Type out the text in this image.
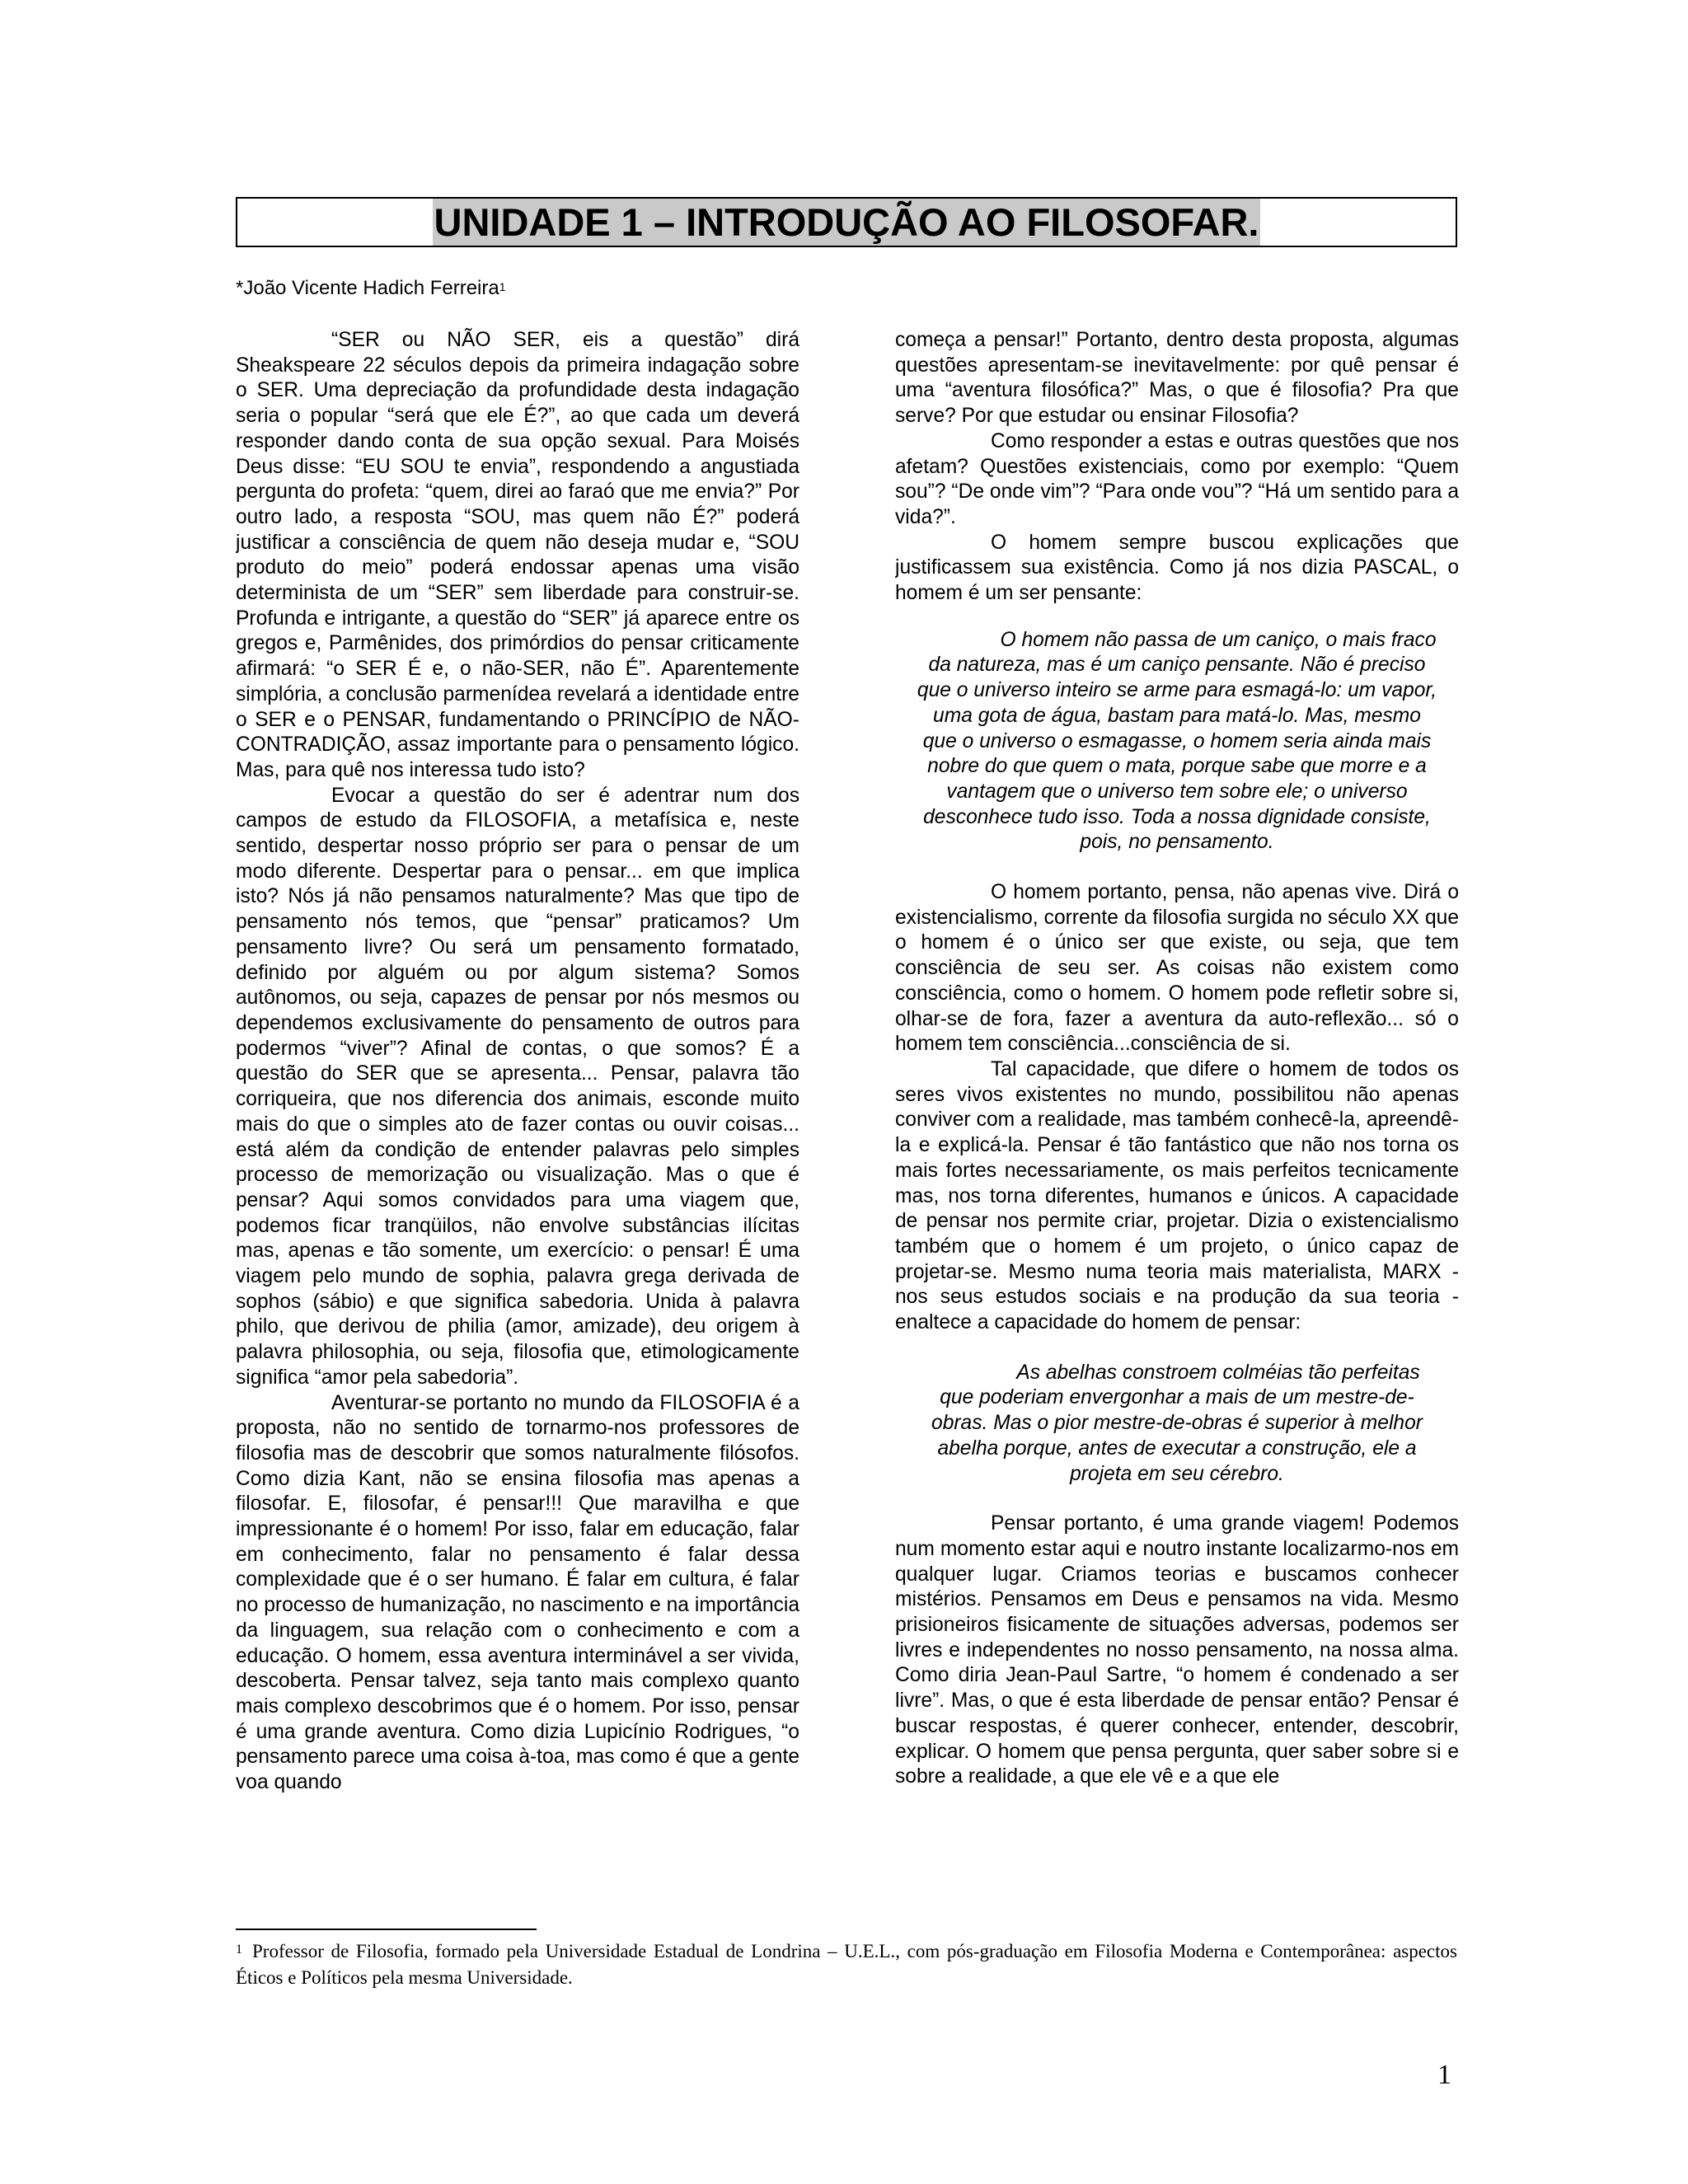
UNIDADE 1 – INTRODUÇÃO AO FILOSOFAR.
*João Vicente Hadich Ferreira$^1$

“SER ou NÃO SER, eis a questão” dirá Sheakspeare 22 séculos depois da primeira indagação sobre o SER. Uma depreciação da profundidade desta indagação seria o popular “será que ele É?”, ao que cada um deverá responder dando conta de sua opção sexual. Para Moisés Deus disse: “EU SOU te envia”, respondendo a angustiada pergunta do profeta: “quem, direi ao faraó que me envia?” Por outro lado, a resposta “SOU, mas quem não É?” poderá justificar a consciência de quem não deseja mudar e, “SOU produto do meio” poderá endossar apenas uma visão determinista de um “SER” sem liberdade para construir-se. Profunda e intrigante, a questão do “SER” já aparece entre os gregos e, Parmênides, dos primórdios do pensar criticamente afirmará: “o SER É e, o não-SER, não É”. Aparentemente simplória, a conclusão parmenídea revelará a identidade entre o SER e o PENSAR, fundamentando o PRINCÍPIO de NÃO-CONTRADIÇÃO, assaz importante para o pensamento lógico. Mas, para quê nos interessa tudo isto?

Evocar a questão do ser é adentrar num dos campos de estudo da FILOSOFIA, a metafísica e, neste sentido, despertar nosso próprio ser para o pensar de um modo diferente. Despertar para o pensar... em que implica isto? Nós já não pensamos naturalmente? Mas que tipo de pensamento nós temos, que “pensar” praticamos? Um pensamento livre? Ou será um pensamento formatado, definido por alguém ou por algum sistema? Somos autônomos, ou seja, capazes de pensar por nós mesmos ou dependemos exclusivamente do pensamento de outros para podermos “viver”? Afinal de contas, o que somos? É a questão do SER que se apresenta... Pensar, palavra tão corriqueira, que nos diferencia dos animais, esconde muito mais do que o simples ato de fazer contas ou ouvir coisas... está além da condição de entender palavras pelo simples processo de memorização ou visualização. Mas o que é pensar? Aqui somos convidados para uma viagem que, podemos ficar tranqüilos, não envolve substâncias ilícitas mas, apenas e tão somente, um exercício: o pensar! É uma viagem pelo mundo de sophia, palavra grega derivada de sophos (sábio) e que significa sabedoria. Unida à palavra philo, que derivou de philia (amor, amizade), deu origem à palavra philosophia, ou seja, filosofia que, etimologicamente significa “amor pela sabedoria”.

Aventurar-se portanto no mundo da FILOSOFIA é a proposta, não no sentido de tornarmo-nos professores de filosofia mas de descobrir que somos naturalmente filósofos. Como dizia Kant, não se ensina filosofia mas apenas a filosofar. E, filosofar, é pensar!!! Que maravilha e que impressionante é o homem! Por isso, falar em educação, falar em conhecimento, falar no pensamento é falar dessa complexidade que é o ser humano. É falar em cultura, é falar no processo de humanização, no nascimento e na importância da linguagem, sua relação com o conhecimento e com a educação. O homem, essa aventura interminável a ser vivida, descoberta. Pensar talvez, seja tanto mais complexo quanto mais complexo descobrimos que é o homem. Por isso, pensar é uma grande aventura. Como dizia Lupicínio Rodrigues, “o pensamento parece uma coisa à-toa, mas como é que a gente voa quando

começa a pensar!” Portanto, dentro desta proposta, algumas questões apresentam-se inevitavelmente: por quê pensar é uma “aventura filosófica?” Mas, o que é filosofia? Pra que serve? Por que estudar ou ensinar Filosofia?

Como responder a estas e outras questões que nos afetam? Questões existenciais, como por exemplo: “Quem sou”? “De onde vim”? “Para onde vou”? “Há um sentido para a vida?”.

O homem sempre buscou explicações que justificassem sua existência. Como já nos dizia PASCAL, o homem é um ser pensante:

O homem não passa de um caniço, o mais fraco da natureza, mas é um caniço pensante. Não é preciso que o universo inteiro se arme para esmagá-lo: um vapor, uma gota de água, bastam para matá-lo. Mas, mesmo que o universo o esmagasse, o homem seria ainda mais nobre do que quem o mata, porque sabe que morre e a vantagem que o universo tem sobre ele; o universo desconhece tudo isso. Toda a nossa dignidade consiste, pois, no pensamento.

O homem portanto, pensa, não apenas vive. Dirá o existencialismo, corrente da filosofia surgida no século XX que o homem é o único ser que existe, ou seja, que tem consciência de seu ser. As coisas não existem como consciência, como o homem. O homem pode refletir sobre si, olhar-se de fora, fazer a aventura da auto-reflexão... só o homem tem consciência...consciência de si.

Tal capacidade, que difere o homem de todos os seres vivos existentes no mundo, possibilitou não apenas conviver com a realidade, mas também conhecê-la, apreendê-la e explicá-la. Pensar é tão fantástico que não nos torna os mais fortes necessariamente, os mais perfeitos tecnicamente mas, nos torna diferentes, humanos e únicos. A capacidade de pensar nos permite criar, projetar. Dizia o existencialismo também que o homem é um projeto, o único capaz de projetar-se. Mesmo numa teoria mais materialista, MARX - nos seus estudos sociais e na produção da sua teoria - enaltece a capacidade do homem de pensar:

As abelhas constroem colméias tão perfeitas que poderiam envergonhar a mais de um mestre-de-obras. Mas o pior mestre-de-obras é superior à melhor abelha porque, antes de executar a construção, ele a projeta em seu cérebro.

Pensar portanto, é uma grande viagem! Podemos num momento estar aqui e noutro instante localizarmo-nos em qualquer lugar. Criamos teorias e buscamos conhecer mistérios. Pensamos em Deus e pensamos na vida. Mesmo prisioneiros fisicamente de situações adversas, podemos ser livres e independentes no nosso pensamento, na nossa alma. Como diria Jean-Paul Sartre, “o homem é condenado a ser livre”. Mas, o que é esta liberdade de pensar então? Pensar é buscar respostas, é querer conhecer, entender, descobrir, explicar. O homem que pensa pergunta, quer saber sobre si e sobre a realidade, a que ele vê e a que ele

$^1$ Professor de Filosofia, formado pela Universidade Estadual de Londrina – U.E.L., com pós-graduação em Filosofia Moderna e Contemporânea: aspectos Éticos e Políticos pela mesma Universidade.
1
